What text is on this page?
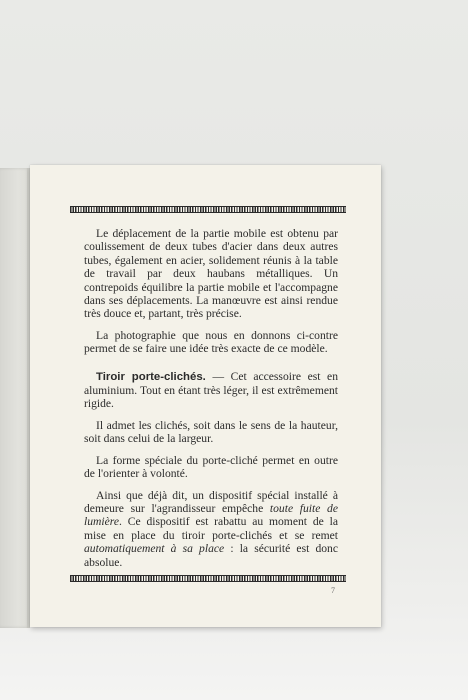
Le déplacement de la partie mobile est obtenu par coulissement de deux tubes d'acier dans deux autres tubes, également en acier, solidement réunis à la table de travail par deux haubans métalliques. Un contrepoids équilibre la partie mobile et l'accompagne dans ses déplacements. La manœuvre est ainsi rendue très douce et, partant, très précise.

La photographie que nous en donnons ci-contre permet de se faire une idée très exacte de ce modèle.

Tiroir porte-clichés. — Cet accessoire est en aluminium. Tout en étant très léger, il est extrêmement rigide.

Il admet les clichés, soit dans le sens de la hauteur, soit dans celui de la largeur.

La forme spéciale du porte-cliché permet en outre de l'orienter à volonté.

Ainsi que déjà dit, un dispositif spécial installé à demeure sur l'agrandisseur empêche toute fuite de lumière. Ce dispositif est rabattu au moment de la mise en place du tiroir porte-clichés et se remet automatiquement à sa place : la sécurité est donc absolue.

7
